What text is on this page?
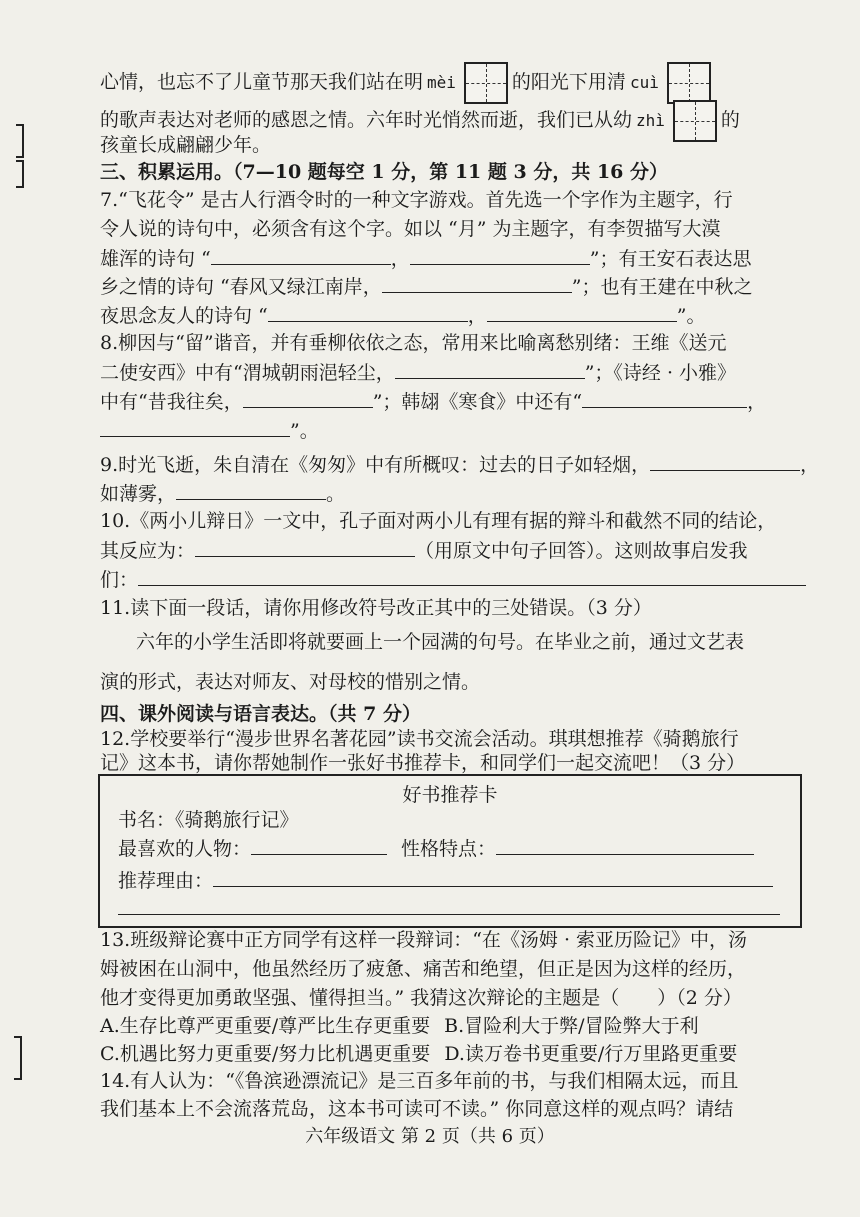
心情，也忘不了儿童节那天我们站在明 mèi	的阳光下用清 cuì
的歌声表达对老师的感恩之情。六年时光悄然而逝，我们已从幼 zhì	的
孩童长成翩翩少年。
三、积累运用。（7—10 题每空 1 分，第 11 题 3 分，共 16 分）
7.“飞花令” 是古人行酒令时的一种文字游戏。首先选一个字作为主题字，行
令人说的诗句中，必须含有这个字。如以 “月” 为主题字，有李贺描写大漠
雄浑的诗句 “	，	”；有王安石表达思
乡之情的诗句 “春风又绿江南岸，	”；也有王建在中秋之
夜思念友人的诗句 “	，	”。
8.柳因与“留”谐音，并有垂柳依依之态，常用来比喻离愁别绪：王维《送元
二使安西》中有“渭城朝雨浥轻尘，	”；《诗经 · 小雅》
中有“昔我往矣，	”；韩翃《寒食》中还有“	，
”。
9.时光飞逝，朱自清在《匆匆》中有所概叹：过去的日子如轻烟，	，
如薄雾，	。
10.《两小儿辩日》一文中，孔子面对两小儿有理有据的辩斗和截然不同的结论，
其反应为：	（用原文中句子回答）。这则故事启发我
们：
11.读下面一段话，请你用修改符号改正其中的三处错误。（3 分）
六年的小学生活即将就要画上一个园满的句号。在毕业之前，通过文艺表
演的形式，表达对师友、对母校的惜别之情。
四、课外阅读与语言表达。（共 7 分）
12.学校要举行“漫步世界名著花园”读书交流会活动。琪琪想推荐《骑鹅旅行
记》这本书，请你帮她制作一张好书推荐卡，和同学们一起交流吧！（3 分）
好书推荐卡
书名：《骑鹅旅行记》
最喜欢的人物：	性格特点：
推荐理由：
13.班级辩论赛中正方同学有这样一段辩词：“在《汤姆 · 索亚历险记》中，汤
姆被困在山洞中，他虽然经历了疲惫、痛苦和绝望，但正是因为这样的经历，
他才变得更加勇敢坚强、懂得担当。” 我猜这次辩论的主题是（　　）（2 分）
A.生存比尊严更重要/尊严比生存更重要 B.冒险利大于弊/冒险弊大于利
C.机遇比努力更重要/努力比机遇更重要 D.读万卷书更重要/行万里路更重要
14.有人认为：“《鲁滨逊漂流记》是三百多年前的书，与我们相隔太远，而且
我们基本上不会流落荒岛，这本书可读可不读。” 你同意这样的观点吗？请结
六年级语文 第 2 页（共 6 页）
